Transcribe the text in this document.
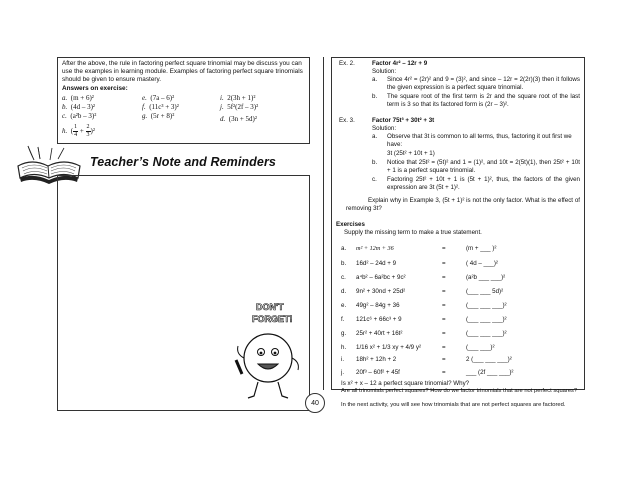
After the above, the rule in factoring perfect square trinomial may be discuss you can use the examples in learning module. Examples of factoring perfect square trinomials should be given to ensure mastery.

Answers on exercise:

a. (m + 6)²	e. (7a – 6)²	i. 2(3h + 1)²
b. (4d – 3)²	f. (11c³ + 3)²	j. 5f²(2f – 3)²
c. (a²b – 3)²	g. (5r + 8)²	d. (3n + 5d)²
h. ( $\frac{1}{4} + \frac{2}{3} )^2$
Teacher’s Note and Reminders
DON'T
FORGET!
Ex. 2.	Factor 4r² – 12r + 9
Solution:
a. Since 4r² = (2r)² and 9 = (3)², and since – 12r = 2(2r)(3) then it follows the given expression is a perfect square trinomial.
b. The square root of the first term is 2r and the square root of the last term is 3 so that its factored form is (2r – 3)².
Ex. 3.	Factor 75t³ + 30t² + 3t
Solution:
a. Observe that 3t is common to all terms, thus, factoring it out first we have:
3t (25t² + 10t + 1)
b. Notice that 25t² = (5t)² and 1 = (1)², and 10t = 2(5t)(1), then 25t² + 10t + 1 is a perfect square trinomial.
c. Factoring 25t² + 10t + 1 is (5t + 1)², thus, the factors of the given expression are 3t (5t + 1)².
Explain why in Example 3, (5t + 1)² is not the only factor. What is the effect of removing 3t?
Exercises
Supply the missing term to make a true statement.
a. m² + 12m + 36	=	(m + ___ )²
b. 16d² – 24d + 9	=	( 4d – ___)²
c. a⁴b² – 6a²bc + 9c²	=	(a²b ___ ___)²
d. 9n² + 30nd + 25d²	=	(___ ___ 5d)²
e. 49g² – 84g + 36	=	(___ ___ ___)²
f. 121c⁶ + 66c³ + 9	=	(___ ___ ___)²
g. 25r² + 40rt + 16t²	=	(___ ___ ___)²
h. 1/16 x² + 1/3 xy + 4/9 y²	=	(___ ___)²
i. 18h² + 12h + 2	=	2 (___ ___ ___)²
j. 20f³ – 60f² + 45f	=	___ (2f ___ ___)²
Is x² + x – 12 a perfect square trinomial? Why?
Are all trinomials perfect squares? How do we factor trinomials that are not perfect squares?
In the next activity, you will see how trinomials that are not perfect squares are factored.
40
